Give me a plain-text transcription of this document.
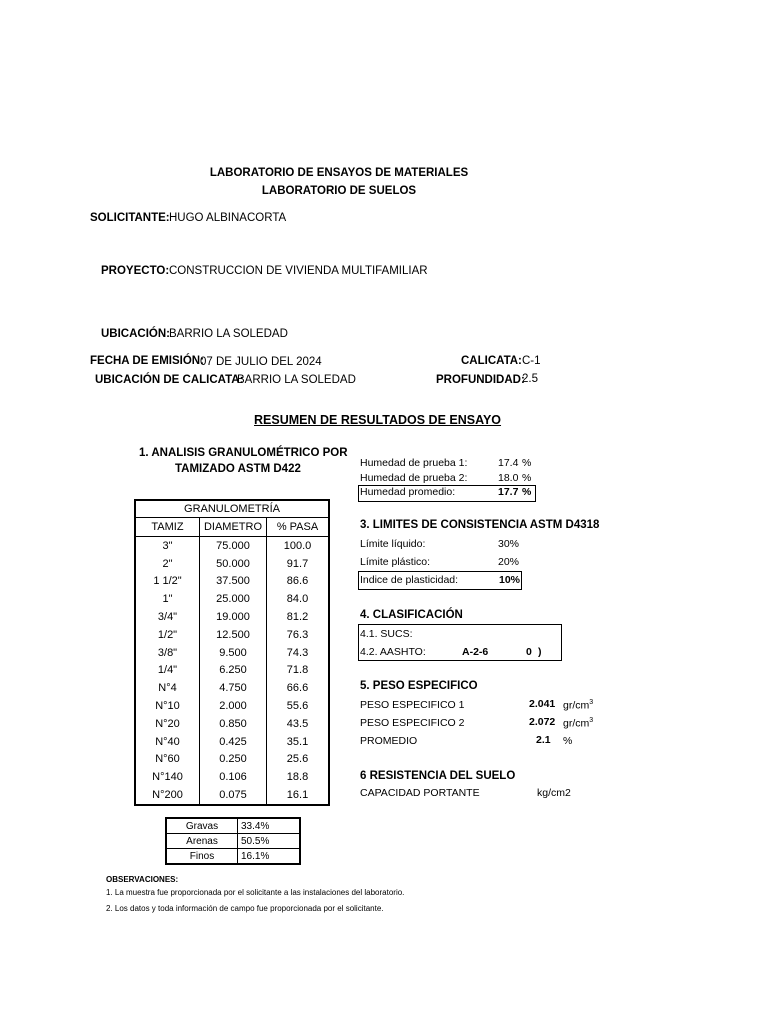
LABORATORIO DE ENSAYOS DE MATERIALES
LABORATORIO DE SUELOS
SOLICITANTE: HUGO ALBINACORTA
PROYECTO: CONSTRUCCION DE VIVIENDA MULTIFAMILIAR
UBICACIÓN: BARRIO LA SOLEDAD
FECHA DE EMISIÓN:
07 DE JULIO DEL 2024
UBICACIÓN DE CALICATA:
BARRIO LA SOLEDAD
CALICATA: C-1
PROFUNDIDAD:
2.5
RESUMEN DE RESULTADOS DE ENSAYO
1. ANALISIS GRANULOMÉTRICO POR
TAMIZADO ASTM D422
GRANULOMETRÍA		
TAMIZ	DIAMETRO	% PASA
3"	75.000	100.0
2"	50.000	91.7
1 1/2"	37.500	86.6
1"	25.000	84.0
3/4"	19.000	81.2
1/2"	12.500	76.3
3/8"	9.500	74.3
1/4"	6.250	71.8
N°4	4.750	66.6
N°10	2.000	55.6
N°20	0.850	43.5
N°40	0.425	35.1
N°60	0.250	25.6
N°140	0.106	18.8
N°200	0.075	16.1
Gravas	33.4%
Arenas	50.5%
Finos	16.1%
Humedad de prueba 1:	17.4 %
Humedad de prueba 2:	18.0 %
Humedad promedio:	17.7 %
3. LIMITES DE CONSISTENCIA ASTM D4318
Límite líquido:	30%
Límite plástico:	20%
Indice de plasticidad:	10%
4. CLASIFICACIÓN
4.1. SUCS:
4.2. AASHTO:	A-2-6	0 )
5. PESO ESPECIFICO
PESO ESPECIFICO 1	2.041 $gr/cm^3$
PESO ESPECIFICO 2	2.072 $gr/cm^3$
PROMEDIO	2.1 %
6 RESISTENCIA DEL SUELO
CAPACIDAD PORTANTE	kg/cm2
OBSERVACIONES:
1. La muestra fue proporcionada por el solicitante a las instalaciones del laboratorio.
2. Los datos y toda información de campo fue proporcionada por el solicitante.
